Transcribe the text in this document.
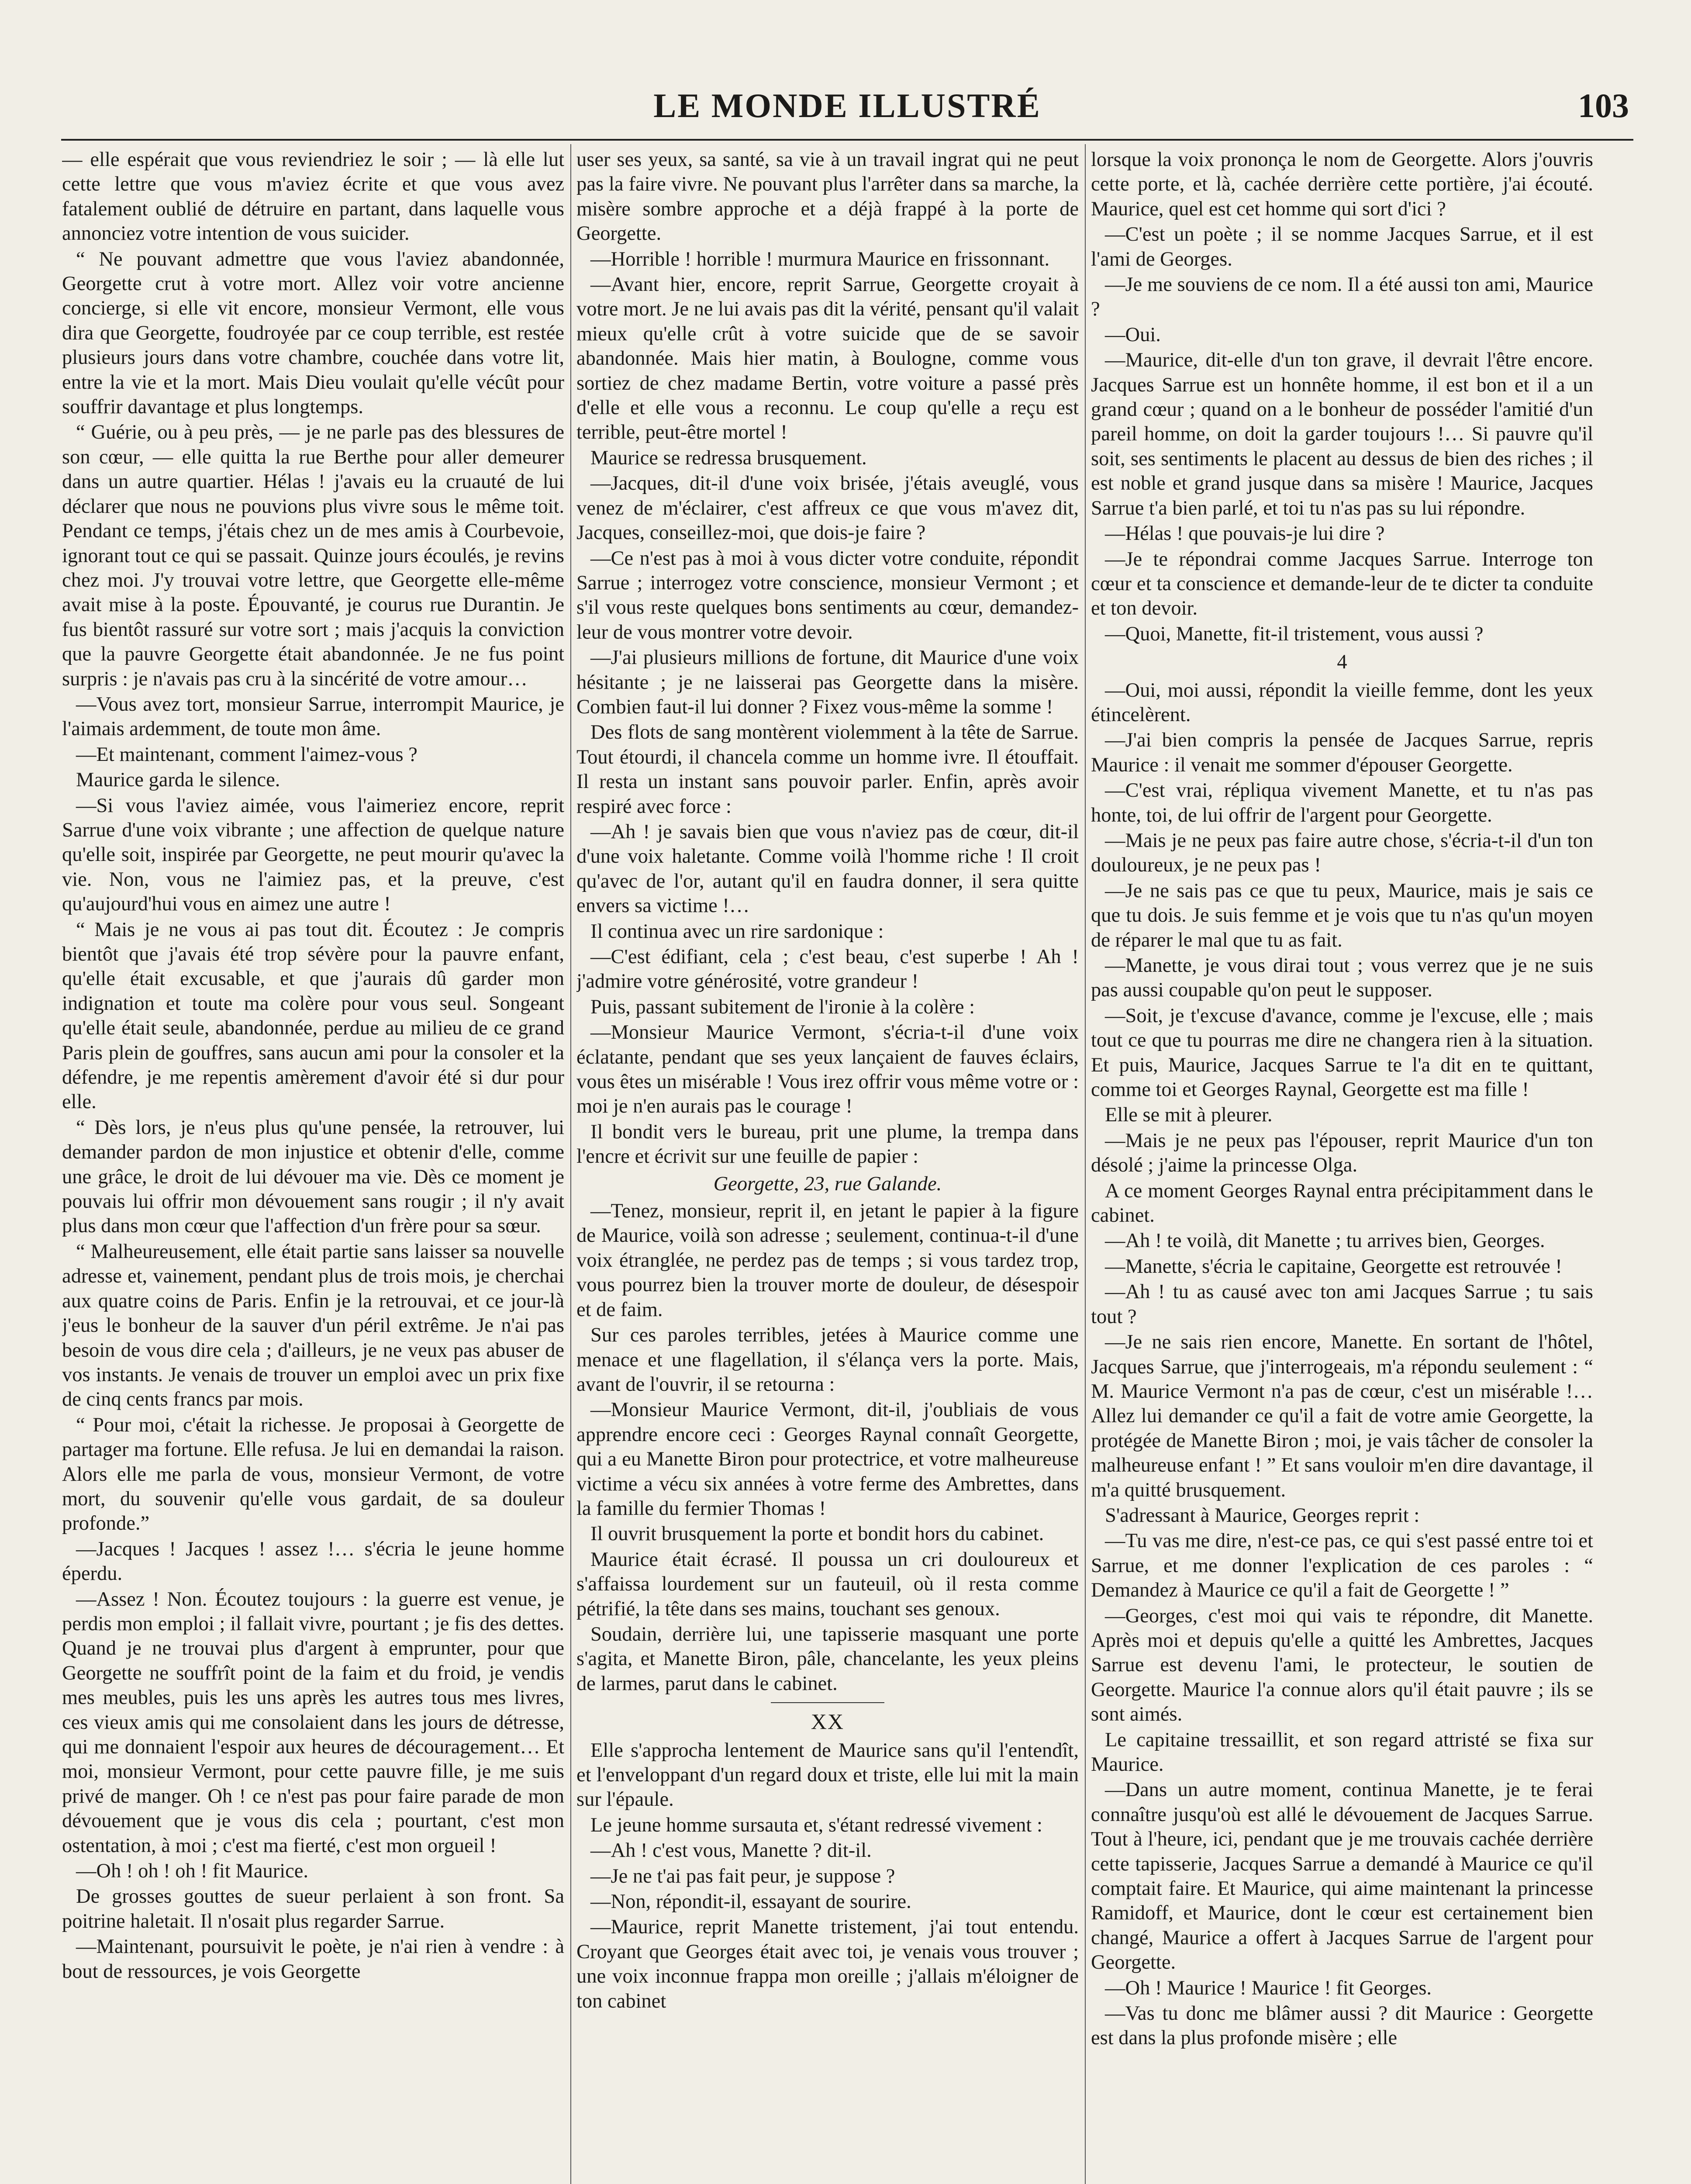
LE MONDE ILLUSTRÉ	103

— elle espérait que vous reviendriez le soir ; — là elle lut cette lettre que vous m'aviez écrite et que vous avez fatalement oublié de détruire en partant, dans laquelle vous annonciez votre intention de vous suicider.

“ Ne pouvant admettre que vous l'aviez abandonnée, Georgette crut à votre mort. Allez voir votre ancienne concierge, si elle vit encore, monsieur Vermont, elle vous dira que Georgette, foudroyée par ce coup terrible, est restée plusieurs jours dans votre chambre, couchée dans votre lit, entre la vie et la mort. Mais Dieu voulait qu'elle vécût pour souffrir davantage et plus longtemps.

“ Guérie, ou à peu près, — je ne parle pas des blessures de son cœur, — elle quitta la rue Berthe pour aller demeurer dans un autre quartier. Hélas ! j'avais eu la cruauté de lui déclarer que nous ne pouvions plus vivre sous le même toit. Pendant ce temps, j'étais chez un de mes amis à Courbevoie, ignorant tout ce qui se passait. Quinze jours écoulés, je revins chez moi. J'y trouvai votre lettre, que Georgette elle-même avait mise à la poste. Épouvanté, je courus rue Durantin. Je fus bientôt rassuré sur votre sort ; mais j'acquis la conviction que la pauvre Georgette était abandonnée. Je ne fus point surpris : je n'avais pas cru à la sincérité de votre amour…

—Vous avez tort, monsieur Sarrue, interrompit Maurice, je l'aimais ardemment, de toute mon âme.

—Et maintenant, comment l'aimez-vous ?

Maurice garda le silence.

—Si vous l'aviez aimée, vous l'aimeriez encore, reprit Sarrue d'une voix vibrante ; une affection de quelque nature qu'elle soit, inspirée par Georgette, ne peut mourir qu'avec la vie. Non, vous ne l'aimiez pas, et la preuve, c'est qu'aujourd'hui vous en aimez une autre !

“ Mais je ne vous ai pas tout dit. Écoutez : Je compris bientôt que j'avais été trop sévère pour la pauvre enfant, qu'elle était excusable, et que j'aurais dû garder mon indignation et toute ma colère pour vous seul. Songeant qu'elle était seule, abandonnée, perdue au milieu de ce grand Paris plein de gouffres, sans aucun ami pour la consoler et la défendre, je me repentis amèrement d'avoir été si dur pour elle.

“ Dès lors, je n'eus plus qu'une pensée, la retrouver, lui demander pardon de mon injustice et obtenir d'elle, comme une grâce, le droit de lui dévouer ma vie. Dès ce moment je pouvais lui offrir mon dévouement sans rougir ; il n'y avait plus dans mon cœur que l'affection d'un frère pour sa sœur.

“ Malheureusement, elle était partie sans laisser sa nouvelle adresse et, vainement, pendant plus de trois mois, je cherchai aux quatre coins de Paris. Enfin je la retrouvai, et ce jour-là j'eus le bonheur de la sauver d'un péril extrême. Je n'ai pas besoin de vous dire cela ; d'ailleurs, je ne veux pas abuser de vos instants. Je venais de trouver un emploi avec un prix fixe de cinq cents francs par mois.

“ Pour moi, c'était la richesse. Je proposai à Georgette de partager ma fortune. Elle refusa. Je lui en demandai la raison. Alors elle me parla de vous, monsieur Vermont, de votre mort, du souvenir qu'elle vous gardait, de sa douleur profonde.”

—Jacques ! Jacques ! assez !… s'écria le jeune homme éperdu.

—Assez ! Non. Écoutez toujours : la guerre est venue, je perdis mon emploi ; il fallait vivre, pourtant ; je fis des dettes. Quand je ne trouvai plus d'argent à emprunter, pour que Georgette ne souffrît point de la faim et du froid, je vendis mes meubles, puis les uns après les autres tous mes livres, ces vieux amis qui me consolaient dans les jours de détresse, qui me donnaient l'espoir aux heures de découragement… Et moi, monsieur Vermont, pour cette pauvre fille, je me suis privé de manger. Oh ! ce n'est pas pour faire parade de mon dévouement que je vous dis cela ; pourtant, c'est mon ostentation, à moi ; c'est ma fierté, c'est mon orgueil !

—Oh ! oh ! oh ! fit Maurice.

De grosses gouttes de sueur perlaient à son front. Sa poitrine haletait. Il n'osait plus regarder Sarrue.

—Maintenant, poursuivit le poète, je n'ai rien à vendre : à bout de ressources, je vois Georgette

user ses yeux, sa santé, sa vie à un travail ingrat qui ne peut pas la faire vivre. Ne pouvant plus l'arrêter dans sa marche, la misère sombre approche et a déjà frappé à la porte de Georgette.

—Horrible ! horrible ! murmura Maurice en frissonnant.

—Avant hier, encore, reprit Sarrue, Georgette croyait à votre mort. Je ne lui avais pas dit la vérité, pensant qu'il valait mieux qu'elle crût à votre suicide que de se savoir abandonnée. Mais hier matin, à Boulogne, comme vous sortiez de chez madame Bertin, votre voiture a passé près d'elle et elle vous a reconnu. Le coup qu'elle a reçu est terrible, peut-être mortel !

Maurice se redressa brusquement.

—Jacques, dit-il d'une voix brisée, j'étais aveuglé, vous venez de m'éclairer, c'est affreux ce que vous m'avez dit, Jacques, conseillez-moi, que dois-je faire ?

—Ce n'est pas à moi à vous dicter votre conduite, répondit Sarrue ; interrogez votre conscience, monsieur Vermont ; et s'il vous reste quelques bons sentiments au cœur, demandez-leur de vous montrer votre devoir.

—J'ai plusieurs millions de fortune, dit Maurice d'une voix hésitante ; je ne laisserai pas Georgette dans la misère. Combien faut-il lui donner ? Fixez vous-même la somme !

Des flots de sang montèrent violemment à la tête de Sarrue. Tout étourdi, il chancela comme un homme ivre. Il étouffait. Il resta un instant sans pouvoir parler. Enfin, après avoir respiré avec force :

—Ah ! je savais bien que vous n'aviez pas de cœur, dit-il d'une voix haletante. Comme voilà l'homme riche ! Il croit qu'avec de l'or, autant qu'il en faudra donner, il sera quitte envers sa victime !…

Il continua avec un rire sardonique :

—C'est édifiant, cela ; c'est beau, c'est superbe ! Ah ! j'admire votre générosité, votre grandeur !

Puis, passant subitement de l'ironie à la colère :

—Monsieur Maurice Vermont, s'écria-t-il d'une voix éclatante, pendant que ses yeux lançaient de fauves éclairs, vous êtes un misérable ! Vous irez offrir vous même votre or : moi je n'en aurais pas le courage !

Il bondit vers le bureau, prit une plume, la trempa dans l'encre et écrivit sur une feuille de papier :

Georgette, 23, rue Galande.

—Tenez, monsieur, reprit il, en jetant le papier à la figure de Maurice, voilà son adresse ; seulement, continua-t-il d'une voix étranglée, ne perdez pas de temps ; si vous tardez trop, vous pourrez bien la trouver morte de douleur, de désespoir et de faim.

Sur ces paroles terribles, jetées à Maurice comme une menace et une flagellation, il s'élança vers la porte. Mais, avant de l'ouvrir, il se retourna :

—Monsieur Maurice Vermont, dit-il, j'oubliais de vous apprendre encore ceci : Georges Raynal connaît Georgette, qui a eu Manette Biron pour protectrice, et votre malheureuse victime a vécu six années à votre ferme des Ambrettes, dans la famille du fermier Thomas !

Il ouvrit brusquement la porte et bondit hors du cabinet.

Maurice était écrasé. Il poussa un cri douloureux et s'affaissa lourdement sur un fauteuil, où il resta comme pétrifié, la tête dans ses mains, touchant ses genoux.

Soudain, derrière lui, une tapisserie masquant une porte s'agita, et Manette Biron, pâle, chancelante, les yeux pleins de larmes, parut dans le cabinet.

XX

Elle s'approcha lentement de Maurice sans qu'il l'entendît, et l'enveloppant d'un regard doux et triste, elle lui mit la main sur l'épaule.

Le jeune homme sursauta et, s'étant redressé vivement :

—Ah ! c'est vous, Manette ? dit-il.

—Je ne t'ai pas fait peur, je suppose ?

—Non, répondit-il, essayant de sourire.

—Maurice, reprit Manette tristement, j'ai tout entendu. Croyant que Georges était avec toi, je venais vous trouver ; une voix inconnue frappa mon oreille ; j'allais m'éloigner de ton cabinet

lorsque la voix prononça le nom de Georgette. Alors j'ouvris cette porte, et là, cachée derrière cette portière, j'ai écouté. Maurice, quel est cet homme qui sort d'ici ?

—C'est un poète ; il se nomme Jacques Sarrue, et il est l'ami de Georges.

—Je me souviens de ce nom. Il a été aussi ton ami, Maurice ?

—Oui.

—Maurice, dit-elle d'un ton grave, il devrait l'être encore. Jacques Sarrue est un honnête homme, il est bon et il a un grand cœur ; quand on a le bonheur de posséder l'amitié d'un pareil homme, on doit la garder toujours !… Si pauvre qu'il soit, ses sentiments le placent au dessus de bien des riches ; il est noble et grand jusque dans sa misère ! Maurice, Jacques Sarrue t'a bien parlé, et toi tu n'as pas su lui répondre.

—Hélas ! que pouvais-je lui dire ?

—Je te répondrai comme Jacques Sarrue. Interroge ton cœur et ta conscience et demande-leur de te dicter ta conduite et ton devoir.

—Quoi, Manette, fit-il tristement, vous aussi ?

4

—Oui, moi aussi, répondit la vieille femme, dont les yeux étincelèrent.

—J'ai bien compris la pensée de Jacques Sarrue, repris Maurice : il venait me sommer d'épouser Georgette.

—C'est vrai, répliqua vivement Manette, et tu n'as pas honte, toi, de lui offrir de l'argent pour Georgette.

—Mais je ne peux pas faire autre chose, s'écria-t-il d'un ton douloureux, je ne peux pas !

—Je ne sais pas ce que tu peux, Maurice, mais je sais ce que tu dois. Je suis femme et je vois que tu n'as qu'un moyen de réparer le mal que tu as fait.

—Manette, je vous dirai tout ; vous verrez que je ne suis pas aussi coupable qu'on peut le supposer.

—Soit, je t'excuse d'avance, comme je l'excuse, elle ; mais tout ce que tu pourras me dire ne changera rien à la situation. Et puis, Maurice, Jacques Sarrue te l'a dit en te quittant, comme toi et Georges Raynal, Georgette est ma fille !

Elle se mit à pleurer.

—Mais je ne peux pas l'épouser, reprit Maurice d'un ton désolé ; j'aime la princesse Olga.

A ce moment Georges Raynal entra précipitamment dans le cabinet.

—Ah ! te voilà, dit Manette ; tu arrives bien, Georges.

—Manette, s'écria le capitaine, Georgette est retrouvée !

—Ah ! tu as causé avec ton ami Jacques Sarrue ; tu sais tout ?

—Je ne sais rien encore, Manette. En sortant de l'hôtel, Jacques Sarrue, que j'interrogeais, m'a répondu seulement : “ M. Maurice Vermont n'a pas de cœur, c'est un misérable !… Allez lui demander ce qu'il a fait de votre amie Georgette, la protégée de Manette Biron ; moi, je vais tâcher de consoler la malheureuse enfant ! ” Et sans vouloir m'en dire davantage, il m'a quitté brusquement.

S'adressant à Maurice, Georges reprit :

—Tu vas me dire, n'est-ce pas, ce qui s'est passé entre toi et Sarrue, et me donner l'explication de ces paroles : “ Demandez à Maurice ce qu'il a fait de Georgette ! ”

—Georges, c'est moi qui vais te répondre, dit Manette. Après moi et depuis qu'elle a quitté les Ambrettes, Jacques Sarrue est devenu l'ami, le protecteur, le soutien de Georgette. Maurice l'a connue alors qu'il était pauvre ; ils se sont aimés.

Le capitaine tressaillit, et son regard attristé se fixa sur Maurice.

—Dans un autre moment, continua Manette, je te ferai connaître jusqu'où est allé le dévouement de Jacques Sarrue. Tout à l'heure, ici, pendant que je me trouvais cachée derrière cette tapisserie, Jacques Sarrue a demandé à Maurice ce qu'il comptait faire. Et Maurice, qui aime maintenant la princesse Ramidoff, et Maurice, dont le cœur est certainement bien changé, Maurice a offert à Jacques Sarrue de l'argent pour Georgette.

—Oh ! Maurice ! Maurice ! fit Georges.

—Vas tu donc me blâmer aussi ? dit Maurice : Georgette est dans la plus profonde misère ; elle
